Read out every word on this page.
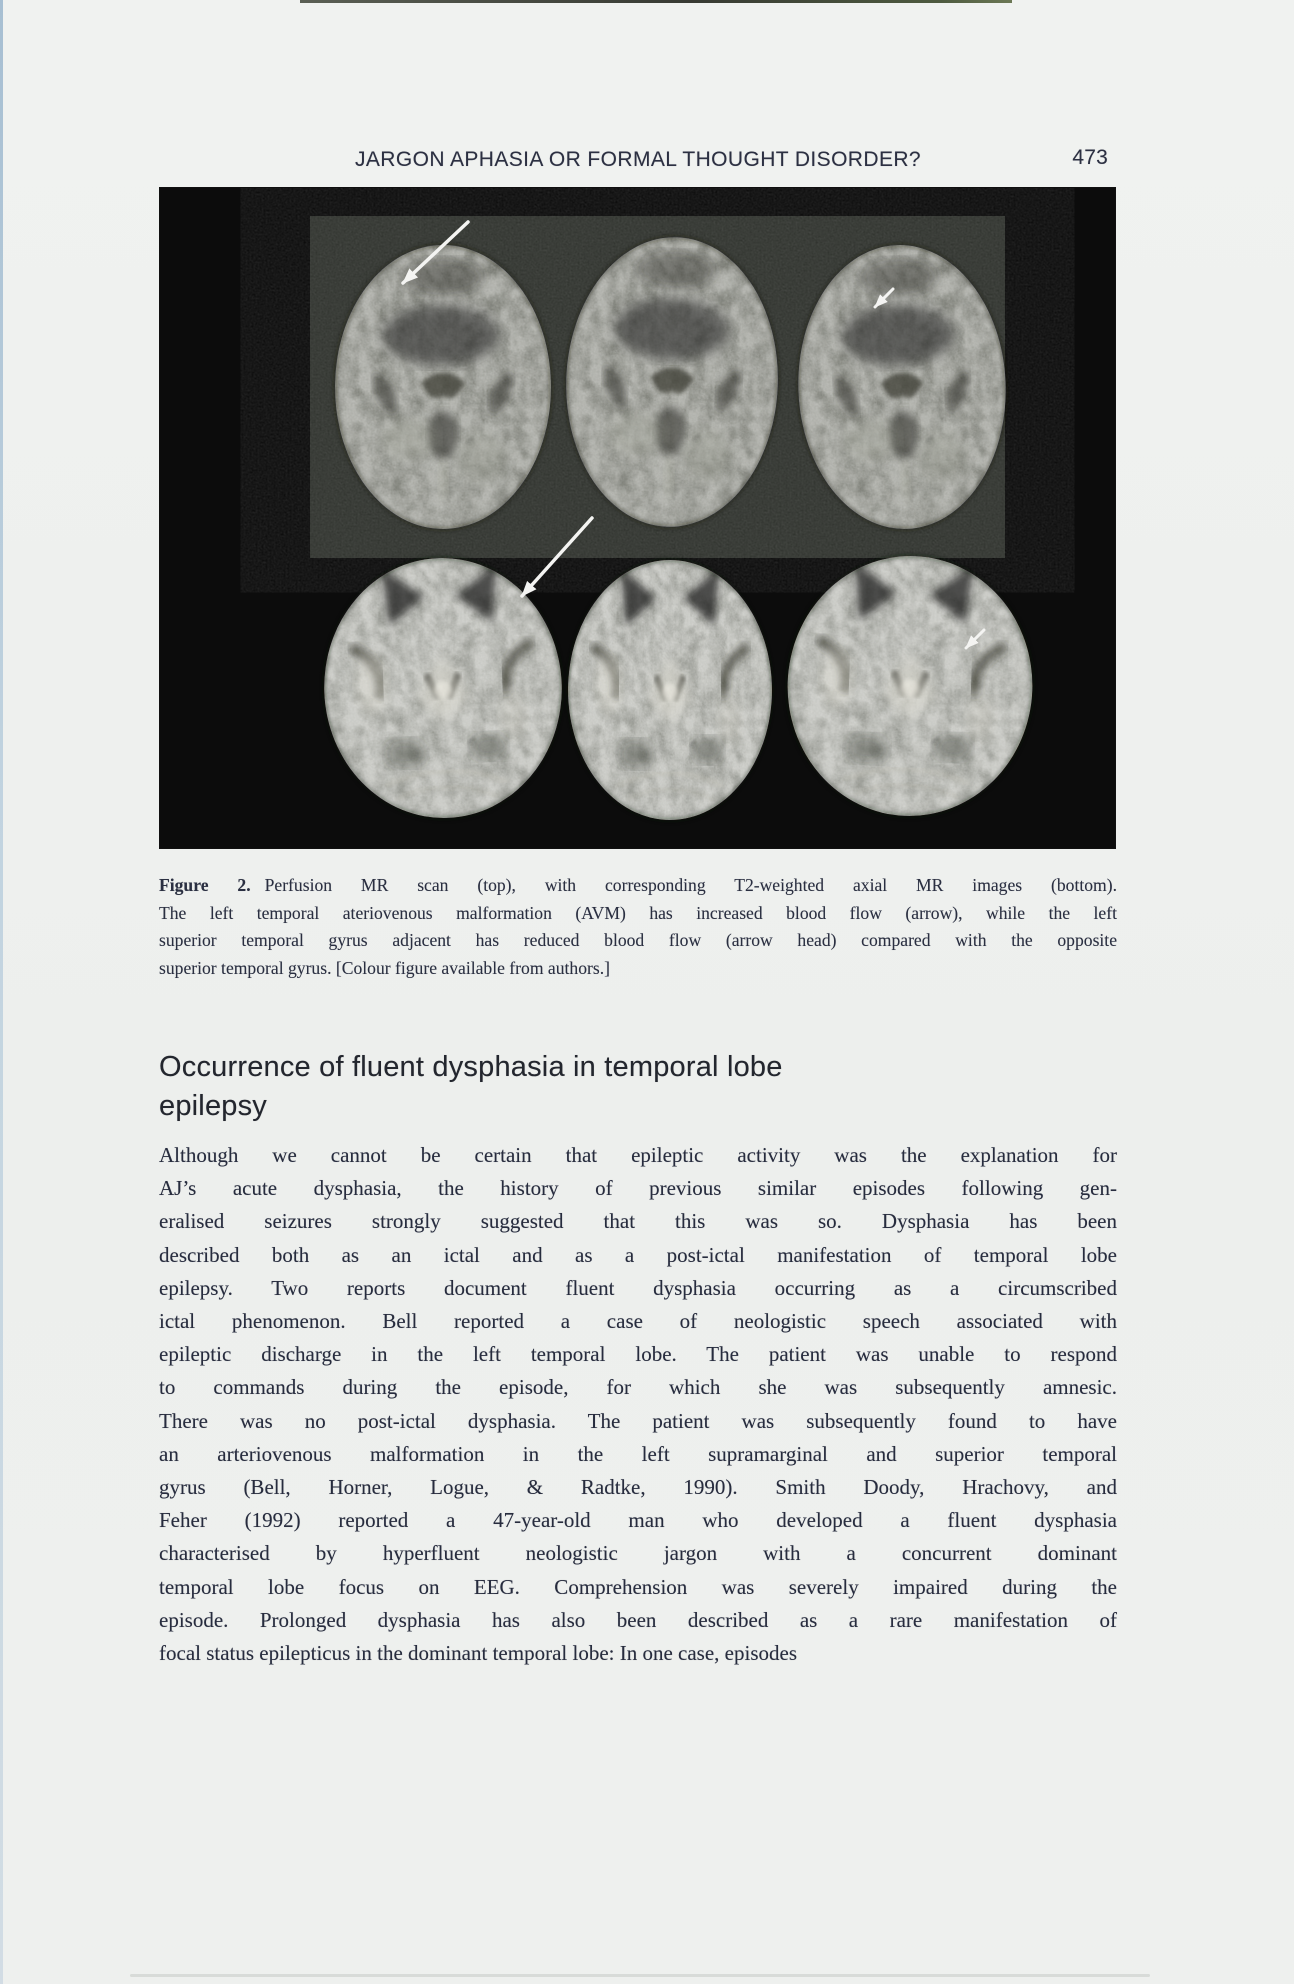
JARGON APHASIA OR FORMAL THOUGHT DISORDER?	473
Figure 2. Perfusion MR scan (top), with corresponding T2-weighted axial MR images (bottom).
The left temporal ateriovenous malformation (AVM) has increased blood flow (arrow), while the left
superior temporal gyrus adjacent has reduced blood flow (arrow head) compared with the opposite
superior temporal gyrus. [Colour figure available from authors.]
Occurrence of fluent dysphasia in temporal lobe
epilepsy
Although we cannot be certain that epileptic activity was the explanation for
AJ’s acute dysphasia, the history of previous similar episodes following gen-
eralised seizures strongly suggested that this was so. Dysphasia has been
described both as an ictal and as a post-ictal manifestation of temporal lobe
epilepsy. Two reports document fluent dysphasia occurring as a circumscribed
ictal phenomenon. Bell reported a case of neologistic speech associated with
epileptic discharge in the left temporal lobe. The patient was unable to respond
to commands during the episode, for which she was subsequently amnesic.
There was no post-ictal dysphasia. The patient was subsequently found to have
an arteriovenous malformation in the left supramarginal and superior temporal
gyrus (Bell, Horner, Logue, & Radtke, 1990). Smith Doody, Hrachovy, and
Feher (1992) reported a 47-year-old man who developed a fluent dysphasia
characterised by hyperfluent neologistic jargon with a concurrent dominant
temporal lobe focus on EEG. Comprehension was severely impaired during the
episode. Prolonged dysphasia has also been described as a rare manifestation of
focal status epilepticus in the dominant temporal lobe: In one case, episodes
